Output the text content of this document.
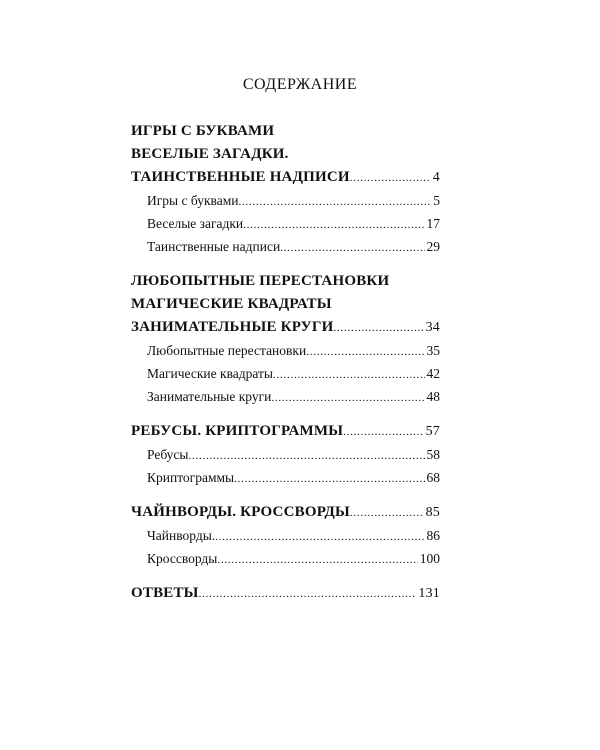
СОДЕРЖАНИЕ
ИГРЫ С БУКВАМИ
ВЕСЕЛЫЕ ЗАГАДКИ.
ТАИНСТВЕННЫЕ НАДПИСИ . . .	4
Игры с буквами . . .	5
Веселые загадки . . .	17
Таинственные надписи . . .	29
ЛЮБОПЫТНЫЕ ПЕРЕСТАНОВКИ
МАГИЧЕСКИЕ КВАДРАТЫ
ЗАНИМАТЕЛЬНЫЕ КРУГИ . . .	34
Любопытные перестановки . . .	35
Магические квадраты . . .	42
Занимательные круги . . .	48
РЕБУСЫ. КРИПТОГРАММЫ . . .	57
Ребусы . . .	58
Криптограммы . . .	68
ЧАЙНВОРДЫ. КРОССВОРДЫ . . .	85
Чайнворды. . . .	86
Кроссворды . . .	100
ОТВЕТЫ . . .	131
